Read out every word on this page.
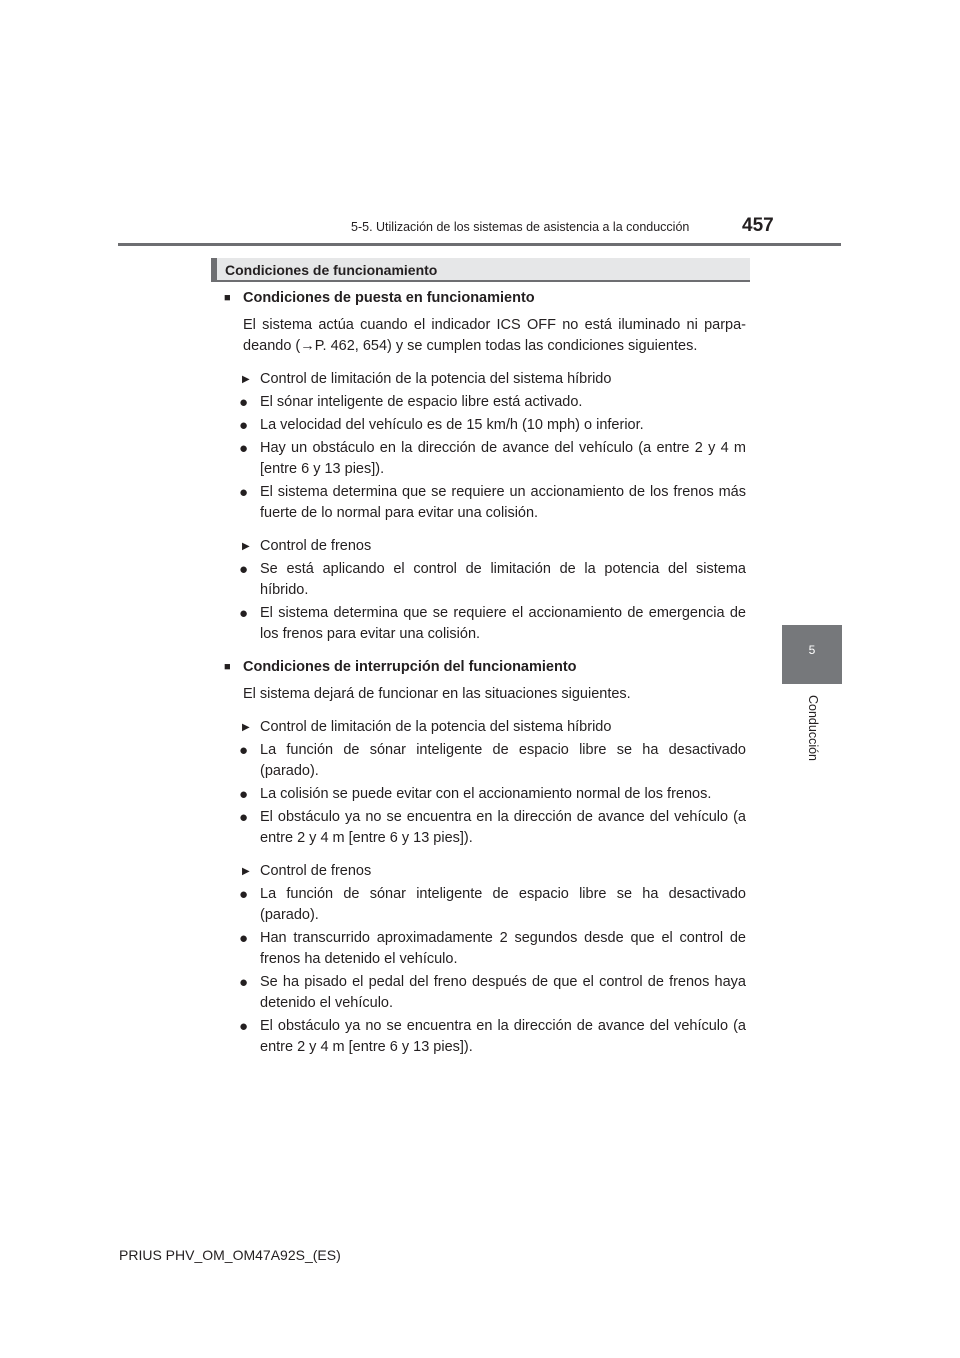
5-5. Utilización de los sistemas de asistencia a la conducción	457
5
Conducción
Condiciones de funcionamiento
■ Condiciones de puesta en funcionamiento

El sistema actúa cuando el indicador ICS OFF no está iluminado ni parpa-deando (→P. 462, 654) y se cumplen todas las condiciones siguientes.

▶ Control de limitación de la potencia del sistema híbrido
● El sónar inteligente de espacio libre está activado.
● La velocidad del vehículo es de 15 km/h (10 mph) o inferior.
● Hay un obstáculo en la dirección de avance del vehículo (a entre 2 y 4 m [entre 6 y 13 pies]).
● El sistema determina que se requiere un accionamiento de los frenos más fuerte de lo normal para evitar una colisión.
▶ Control de frenos
● Se está aplicando el control de limitación de la potencia del sistema híbrido.
● El sistema determina que se requiere el accionamiento de emergencia de los frenos para evitar una colisión.
■ Condiciones de interrupción del funcionamiento

El sistema dejará de funcionar en las situaciones siguientes.

▶ Control de limitación de la potencia del sistema híbrido
● La función de sónar inteligente de espacio libre se ha desactivado (parado).
● La colisión se puede evitar con el accionamiento normal de los frenos.
● El obstáculo ya no se encuentra en la dirección de avance del vehículo (a entre 2 y 4 m [entre 6 y 13 pies]).
▶ Control de frenos
● La función de sónar inteligente de espacio libre se ha desactivado (parado).
● Han transcurrido aproximadamente 2 segundos desde que el control de frenos ha detenido el vehículo.
● Se ha pisado el pedal del freno después de que el control de frenos haya detenido el vehículo.
● El obstáculo ya no se encuentra en la dirección de avance del vehículo (a entre 2 y 4 m [entre 6 y 13 pies]).
PRIUS PHV_OM_OM47A92S_(ES)
